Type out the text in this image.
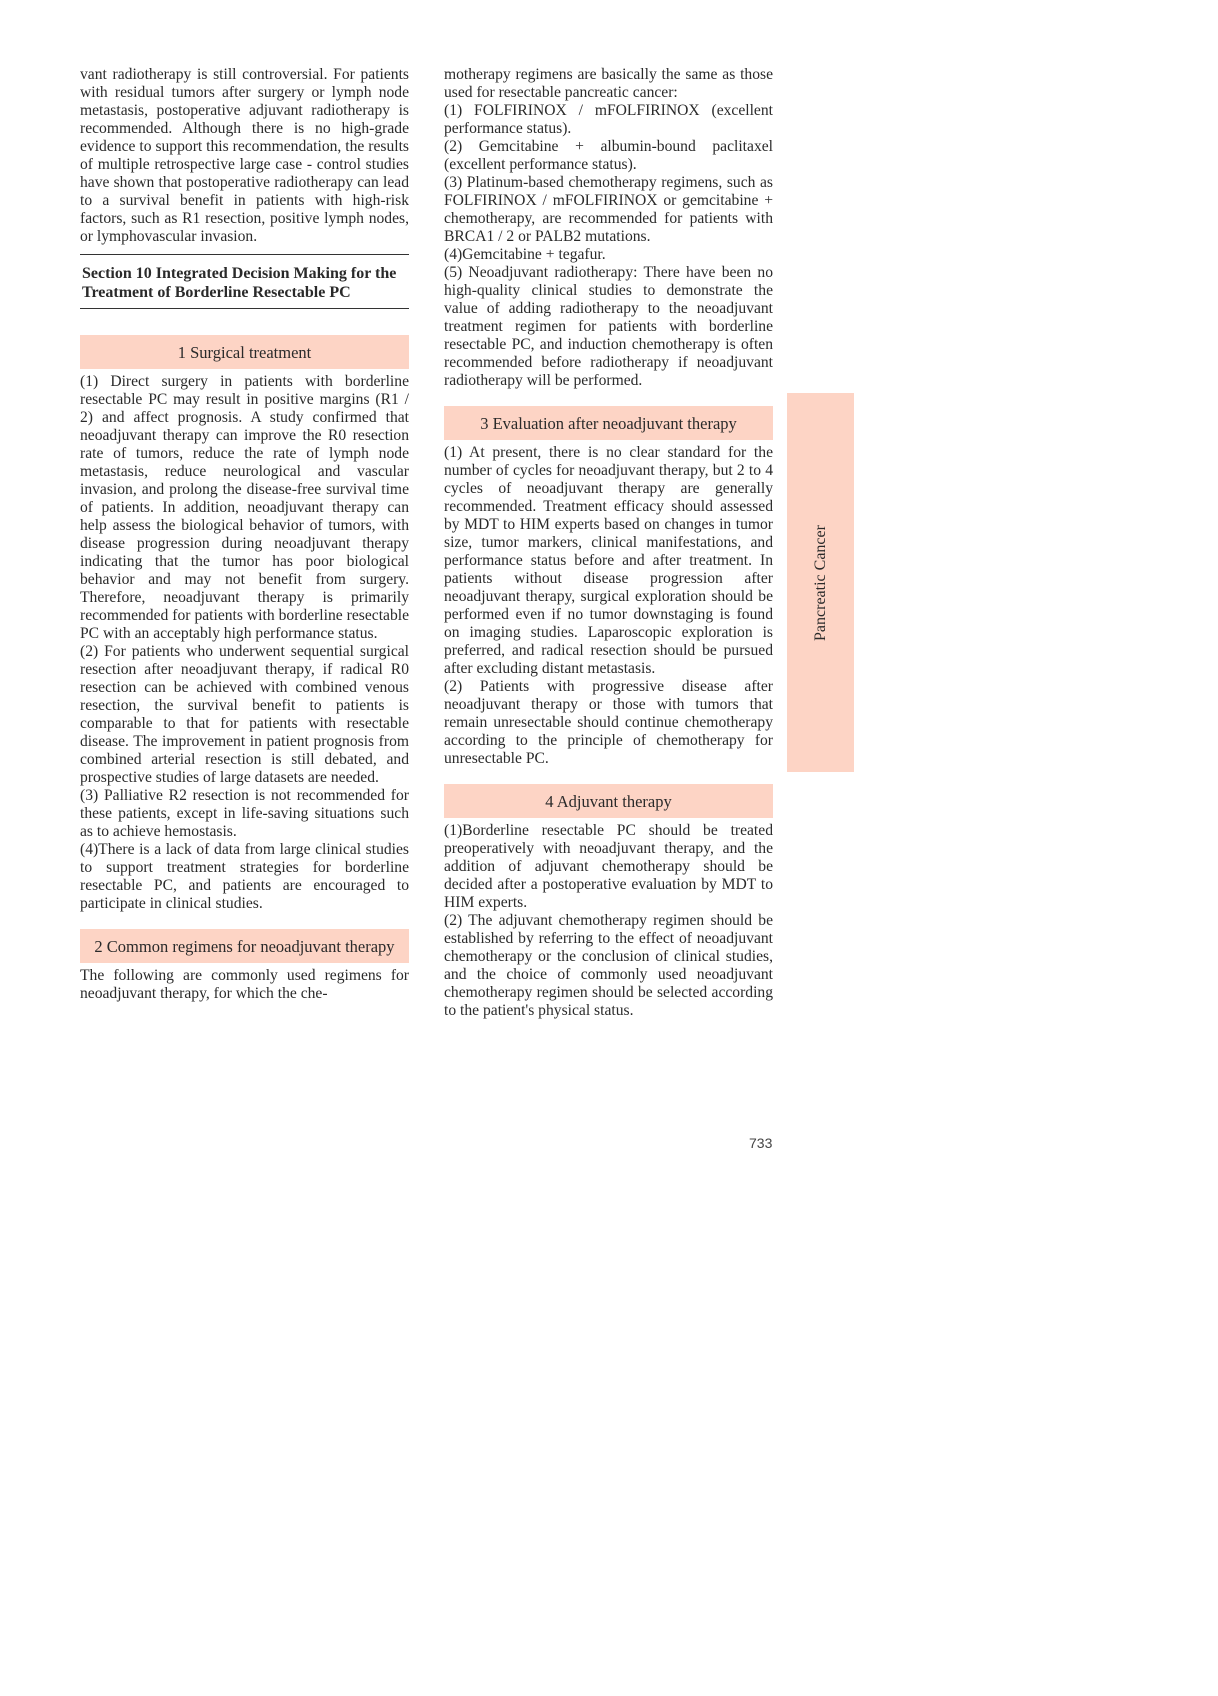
vant radiotherapy is still controversial. For patients with residual tumors after surgery or lymph node metastasis, postoperative adjuvant radiotherapy is recommended. Although there is no high-grade evidence to support this recommendation, the results of multiple retrospective large case - control studies have shown that postoperative radiotherapy can lead to a survival benefit in patients with high-risk factors, such as R1 resection, positive lymph nodes, or lymphovascular invasion.

Section 10 Integrated Decision Making for the Treatment of Borderline Resectable PC
1 Surgical treatment

(1) Direct surgery in patients with borderline resectable PC may result in positive margins (R1 / 2) and affect prognosis. A study confirmed that neoadjuvant therapy can improve the R0 resection rate of tumors, reduce the rate of lymph node metastasis, reduce neurological and vascular invasion, and prolong the disease-free survival time of patients. In addition, neoadjuvant therapy can help assess the biological behavior of tumors, with disease progression during neoadjuvant therapy indicating that the tumor has poor biological behavior and may not benefit from surgery. Therefore, neoadjuvant therapy is primarily recommended for patients with borderline resectable PC with an acceptably high performance status.

(2) For patients who underwent sequential surgical resection after neoadjuvant therapy, if radical R0 resection can be achieved with combined venous resection, the survival benefit to patients is comparable to that for patients with resectable disease. The improvement in patient prognosis from combined arterial resection is still debated, and prospective studies of large datasets are needed.

(3) Palliative R2 resection is not recommended for these patients, except in life-saving situations such as to achieve hemostasis.

(4)There is a lack of data from large clinical studies to support treatment strategies for borderline resectable PC, and patients are encouraged to participate in clinical studies.

2 Common regimens for neoadjuvant therapy

The following are commonly used regimens for neoadjuvant therapy, for which the che-

motherapy regimens are basically the same as those used for resectable pancreatic cancer:

(1) FOLFIRINOX / mFOLFIRINOX (excellent performance status).

(2) Gemcitabine + albumin-bound paclitaxel (excellent performance status).

(3) Platinum-based chemotherapy regimens, such as FOLFIRINOX / mFOLFIRINOX or gemcitabine + chemotherapy, are recommended for patients with BRCA1 / 2 or PALB2 mutations.

(4)Gemcitabine + tegafur.

(5) Neoadjuvant radiotherapy: There have been no high-quality clinical studies to demonstrate the value of adding radiotherapy to the neoadjuvant treatment regimen for patients with borderline resectable PC, and induction chemotherapy is often recommended before radiotherapy if neoadjuvant radiotherapy will be performed.

3 Evaluation after neoadjuvant therapy

(1) At present, there is no clear standard for the number of cycles for neoadjuvant therapy, but 2 to 4 cycles of neoadjuvant therapy are generally recommended. Treatment efficacy should assessed by MDT to HIM experts based on changes in tumor size, tumor markers, clinical manifestations, and performance status before and after treatment. In patients without disease progression after neoadjuvant therapy, surgical exploration should be performed even if no tumor downstaging is found on imaging studies. Laparoscopic exploration is preferred, and radical resection should be pursued after excluding distant metastasis.

(2) Patients with progressive disease after neoadjuvant therapy or those with tumors that remain unresectable should continue chemotherapy according to the principle of chemotherapy for unresectable PC.

4 Adjuvant therapy

(1)Borderline resectable PC should be treated preoperatively with neoadjuvant therapy, and the addition of adjuvant chemotherapy should be decided after a postoperative evaluation by MDT to HIM experts.

(2) The adjuvant chemotherapy regimen should be established by referring to the effect of neoadjuvant chemotherapy or the conclusion of clinical studies, and the choice of commonly used neoadjuvant chemotherapy regimen should be selected according to the patient's physical status.

Pancreatic Cancer
733
